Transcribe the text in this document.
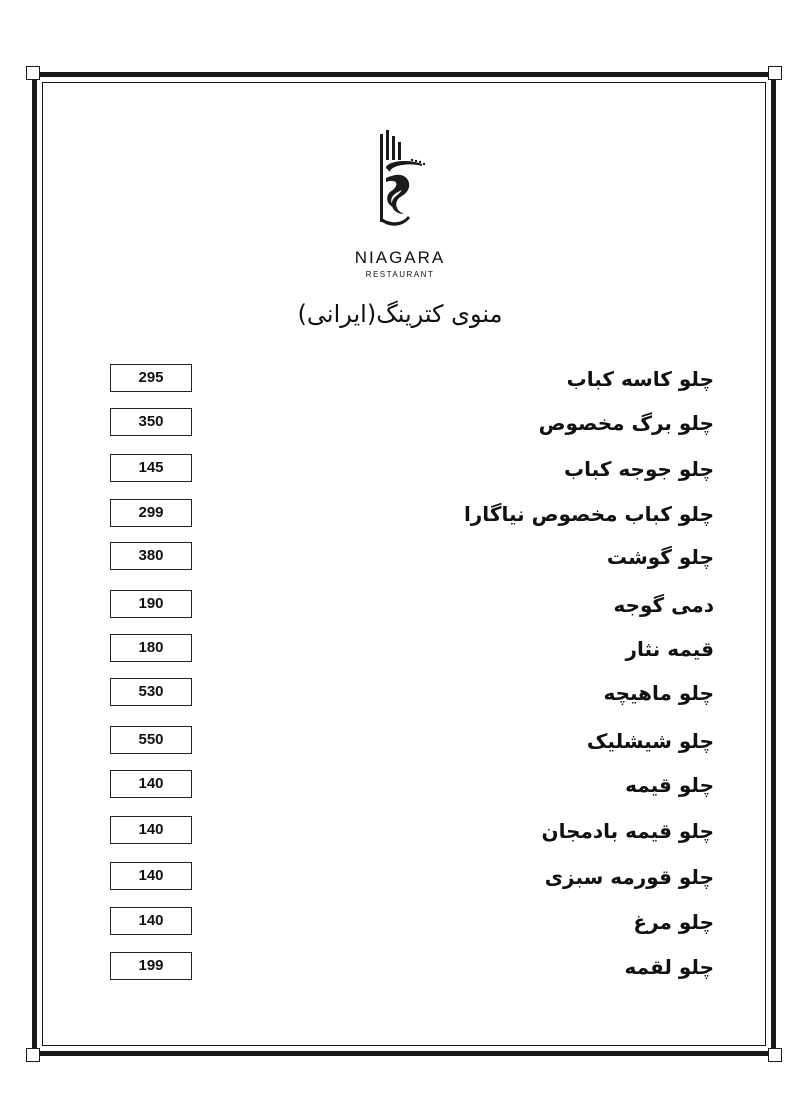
NIAGARA
RESTAURANT
منوی کترینگ(ایرانی)
295	چلو کاسه کباب
350	چلو برگ مخصوص
145	چلو جوجه کباب
299	چلو کباب مخصوص نیاگارا
380	چلو گوشت
190	دمی گوجه
180	قیمه نثار
530	چلو ماهیچه
550	چلو شیشلیک
140	چلو قیمه
140	چلو قیمه بادمجان
140	چلو قورمه سبزی
140	چلو مرغ
199	چلو لقمه
